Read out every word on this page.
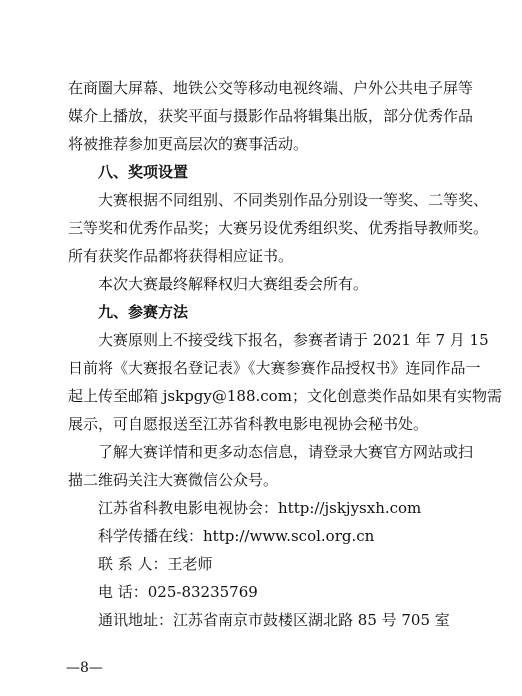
在商圈大屏幕、地铁公交等移动电视终端、户外公共电子屏等
媒介上播放，获奖平面与摄影作品将辑集出版，部分优秀作品
将被推荐参加更高层次的赛事活动。
八、奖项设置
大赛根据不同组别、不同类别作品分别设一等奖、二等奖、
三等奖和优秀作品奖；大赛另设优秀组织奖、优秀指导教师奖。
所有获奖作品都将获得相应证书。
本次大赛最终解释权归大赛组委会所有。
九、参赛方法
大赛原则上不接受线下报名，参赛者请于 2021 年 7 月 15
日前将《大赛报名登记表》《大赛参赛作品授权书》连同作品一
起上传至邮箱 jskpgy@188.com；文化创意类作品如果有实物需
展示，可自愿报送至江苏省科教电影电视协会秘书处。
了解大赛详情和更多动态信息，请登录大赛官方网站或扫
描二维码关注大赛微信公众号。
江苏省科教电影电视协会：http://jskjysxh.com
科学传播在线：http://www.scol.org.cn
联 系 人：王老师
电 话：025-83235769
通讯地址：江苏省南京市鼓楼区湖北路 85 号 705 室
—8—
